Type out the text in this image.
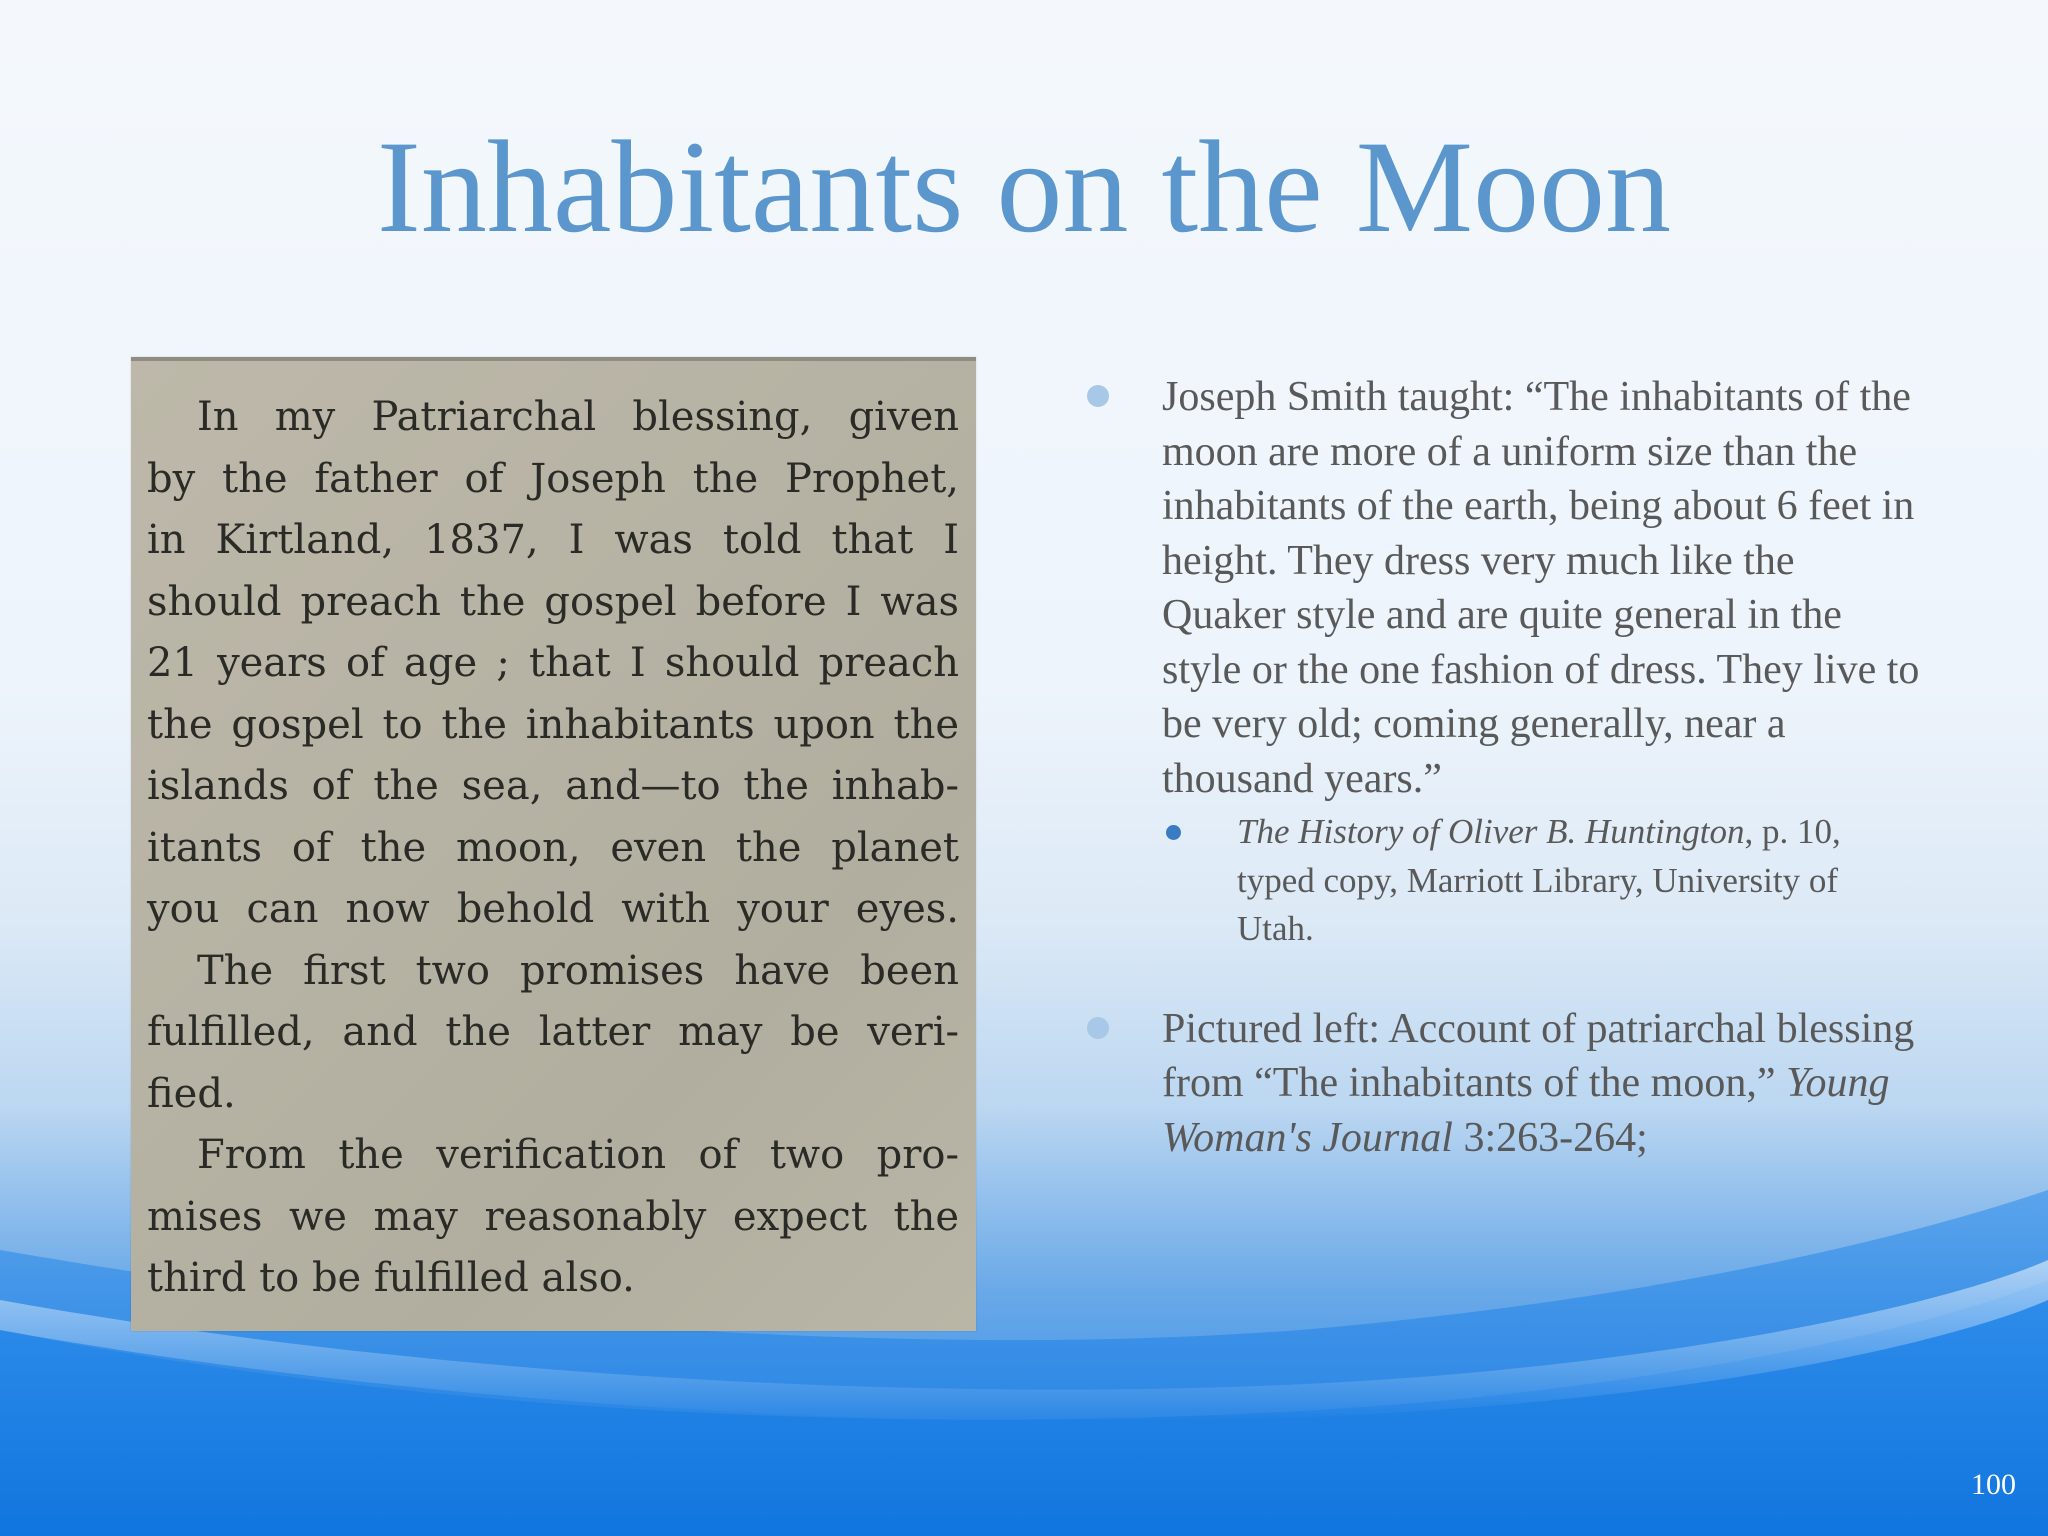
Inhabitants on the Moon
In my Patriarchal blessing, given
by the father of Joseph the Prophet,
in Kirtland, 1837, I was told that I
should preach the gospel before I was
21 years of age ; that I should preach
the gospel to the inhabitants upon the
islands of the sea, and—to the inhab-
itants of the moon, even the planet
you can now behold with your eyes.
The first two promises have been
fulfilled, and the latter may be veri-
fied.
From the verification of two pro-
mises we may reasonably expect the
third to be fulfilled also.
Joseph Smith taught: “The inhabitants of the moon are more of a uniform size than the inhabitants of the earth, being about 6 feet in height. They dress very much like the Quaker style and are quite general in the style or the one fashion of dress. They live to be very old; coming generally, near a thousand years.”
The History of Oliver B. Huntington, p. 10, typed copy, Marriott Library, University of Utah.
Pictured left: Account of patriarchal blessing from “The inhabitants of the moon,” Young Woman's Journal 3:263-264;
100
